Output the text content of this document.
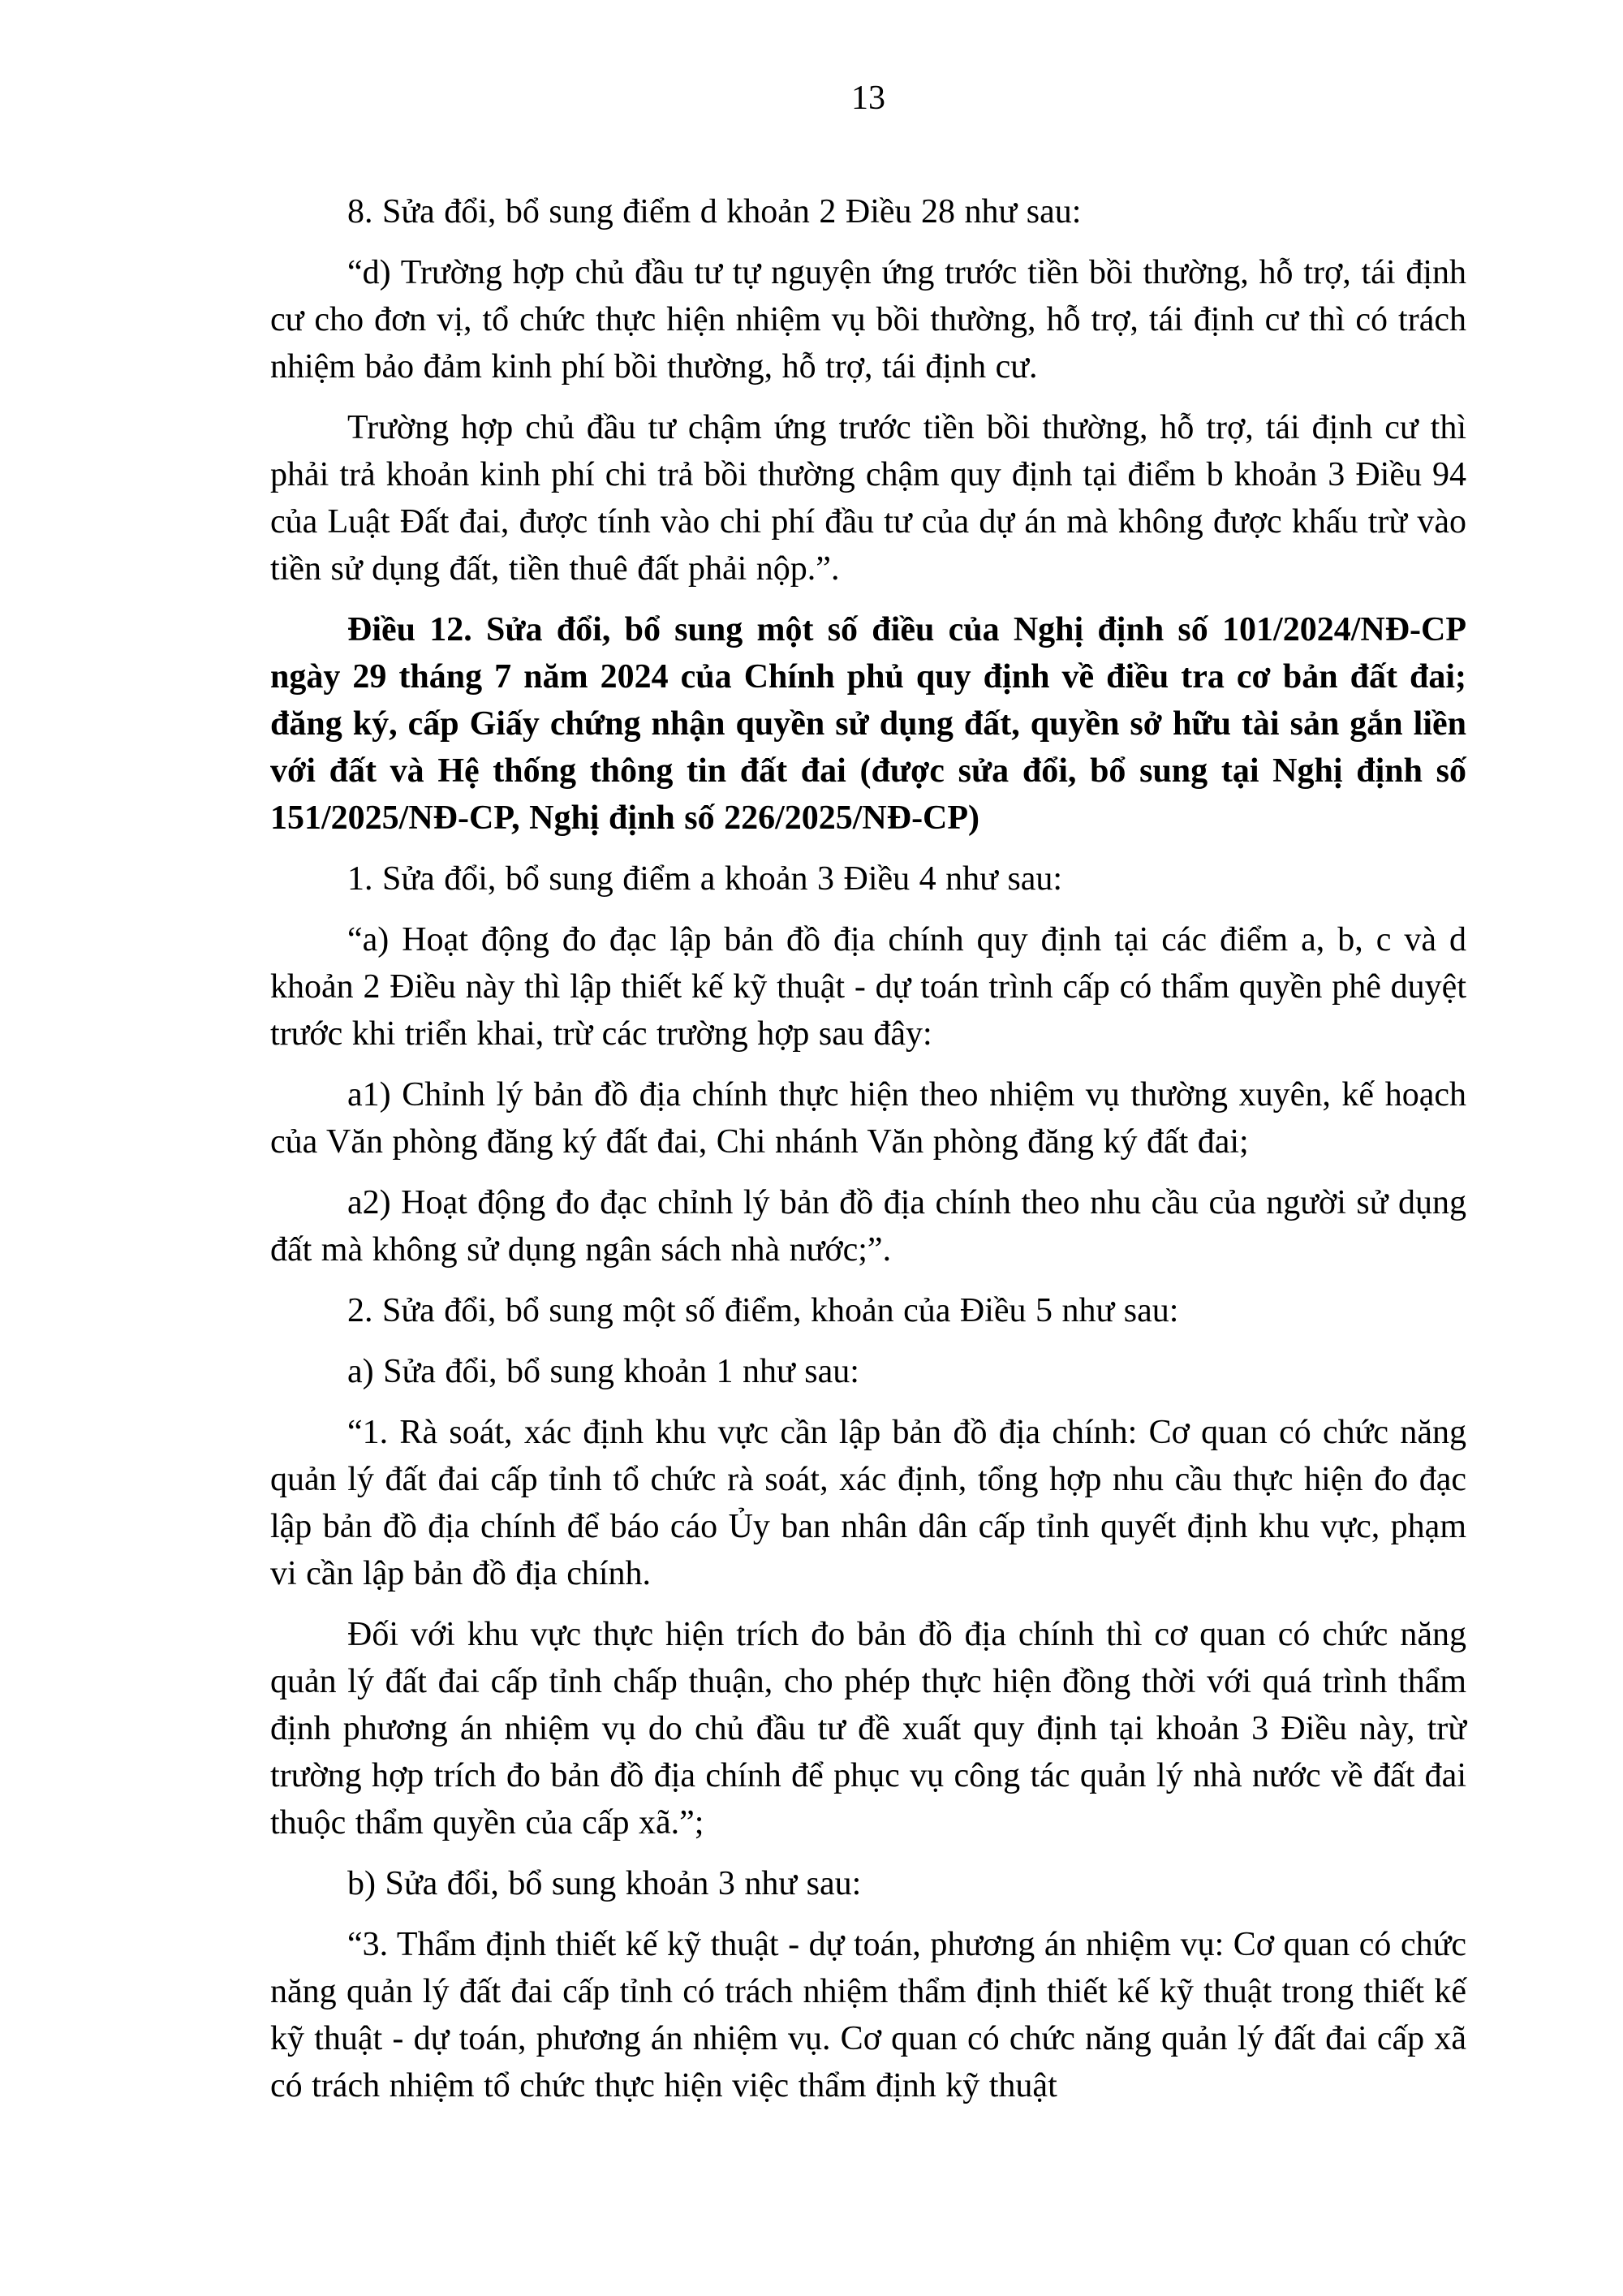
13

8. Sửa đổi, bổ sung điểm d khoản 2 Điều 28 như sau:

“d) Trường hợp chủ đầu tư tự nguyện ứng trước tiền bồi thường, hỗ trợ, tái định cư cho đơn vị, tổ chức thực hiện nhiệm vụ bồi thường, hỗ trợ, tái định cư thì có trách nhiệm bảo đảm kinh phí bồi thường, hỗ trợ, tái định cư.

Trường hợp chủ đầu tư chậm ứng trước tiền bồi thường, hỗ trợ, tái định cư thì phải trả khoản kinh phí chi trả bồi thường chậm quy định tại điểm b khoản 3 Điều 94 của Luật Đất đai, được tính vào chi phí đầu tư của dự án mà không được khấu trừ vào tiền sử dụng đất, tiền thuê đất phải nộp.”.

Điều 12. Sửa đổi, bổ sung một số điều của Nghị định số 101/2024/NĐ-CP ngày 29 tháng 7 năm 2024 của Chính phủ quy định về điều tra cơ bản đất đai; đăng ký, cấp Giấy chứng nhận quyền sử dụng đất, quyền sở hữu tài sản gắn liền với đất và Hệ thống thông tin đất đai (được sửa đổi, bổ sung tại Nghị định số 151/2025/NĐ-CP, Nghị định số 226/2025/NĐ-CP)

1. Sửa đổi, bổ sung điểm a khoản 3 Điều 4 như sau:

“a) Hoạt động đo đạc lập bản đồ địa chính quy định tại các điểm a, b, c và d khoản 2 Điều này thì lập thiết kế kỹ thuật - dự toán trình cấp có thẩm quyền phê duyệt trước khi triển khai, trừ các trường hợp sau đây:

a1) Chỉnh lý bản đồ địa chính thực hiện theo nhiệm vụ thường xuyên, kế hoạch của Văn phòng đăng ký đất đai, Chi nhánh Văn phòng đăng ký đất đai;

a2) Hoạt động đo đạc chỉnh lý bản đồ địa chính theo nhu cầu của người sử dụng đất mà không sử dụng ngân sách nhà nước;”.

2. Sửa đổi, bổ sung một số điểm, khoản của Điều 5 như sau:

a) Sửa đổi, bổ sung khoản 1 như sau:

“1. Rà soát, xác định khu vực cần lập bản đồ địa chính: Cơ quan có chức năng quản lý đất đai cấp tỉnh tổ chức rà soát, xác định, tổng hợp nhu cầu thực hiện đo đạc lập bản đồ địa chính để báo cáo Ủy ban nhân dân cấp tỉnh quyết định khu vực, phạm vi cần lập bản đồ địa chính.

Đối với khu vực thực hiện trích đo bản đồ địa chính thì cơ quan có chức năng quản lý đất đai cấp tỉnh chấp thuận, cho phép thực hiện đồng thời với quá trình thẩm định phương án nhiệm vụ do chủ đầu tư đề xuất quy định tại khoản 3 Điều này, trừ trường hợp trích đo bản đồ địa chính để phục vụ công tác quản lý nhà nước về đất đai thuộc thẩm quyền của cấp xã.”;

b) Sửa đổi, bổ sung khoản 3 như sau:

“3. Thẩm định thiết kế kỹ thuật - dự toán, phương án nhiệm vụ: Cơ quan có chức năng quản lý đất đai cấp tỉnh có trách nhiệm thẩm định thiết kế kỹ thuật trong thiết kế kỹ thuật - dự toán, phương án nhiệm vụ. Cơ quan có chức năng quản lý đất đai cấp xã có trách nhiệm tổ chức thực hiện việc thẩm định kỹ thuật
